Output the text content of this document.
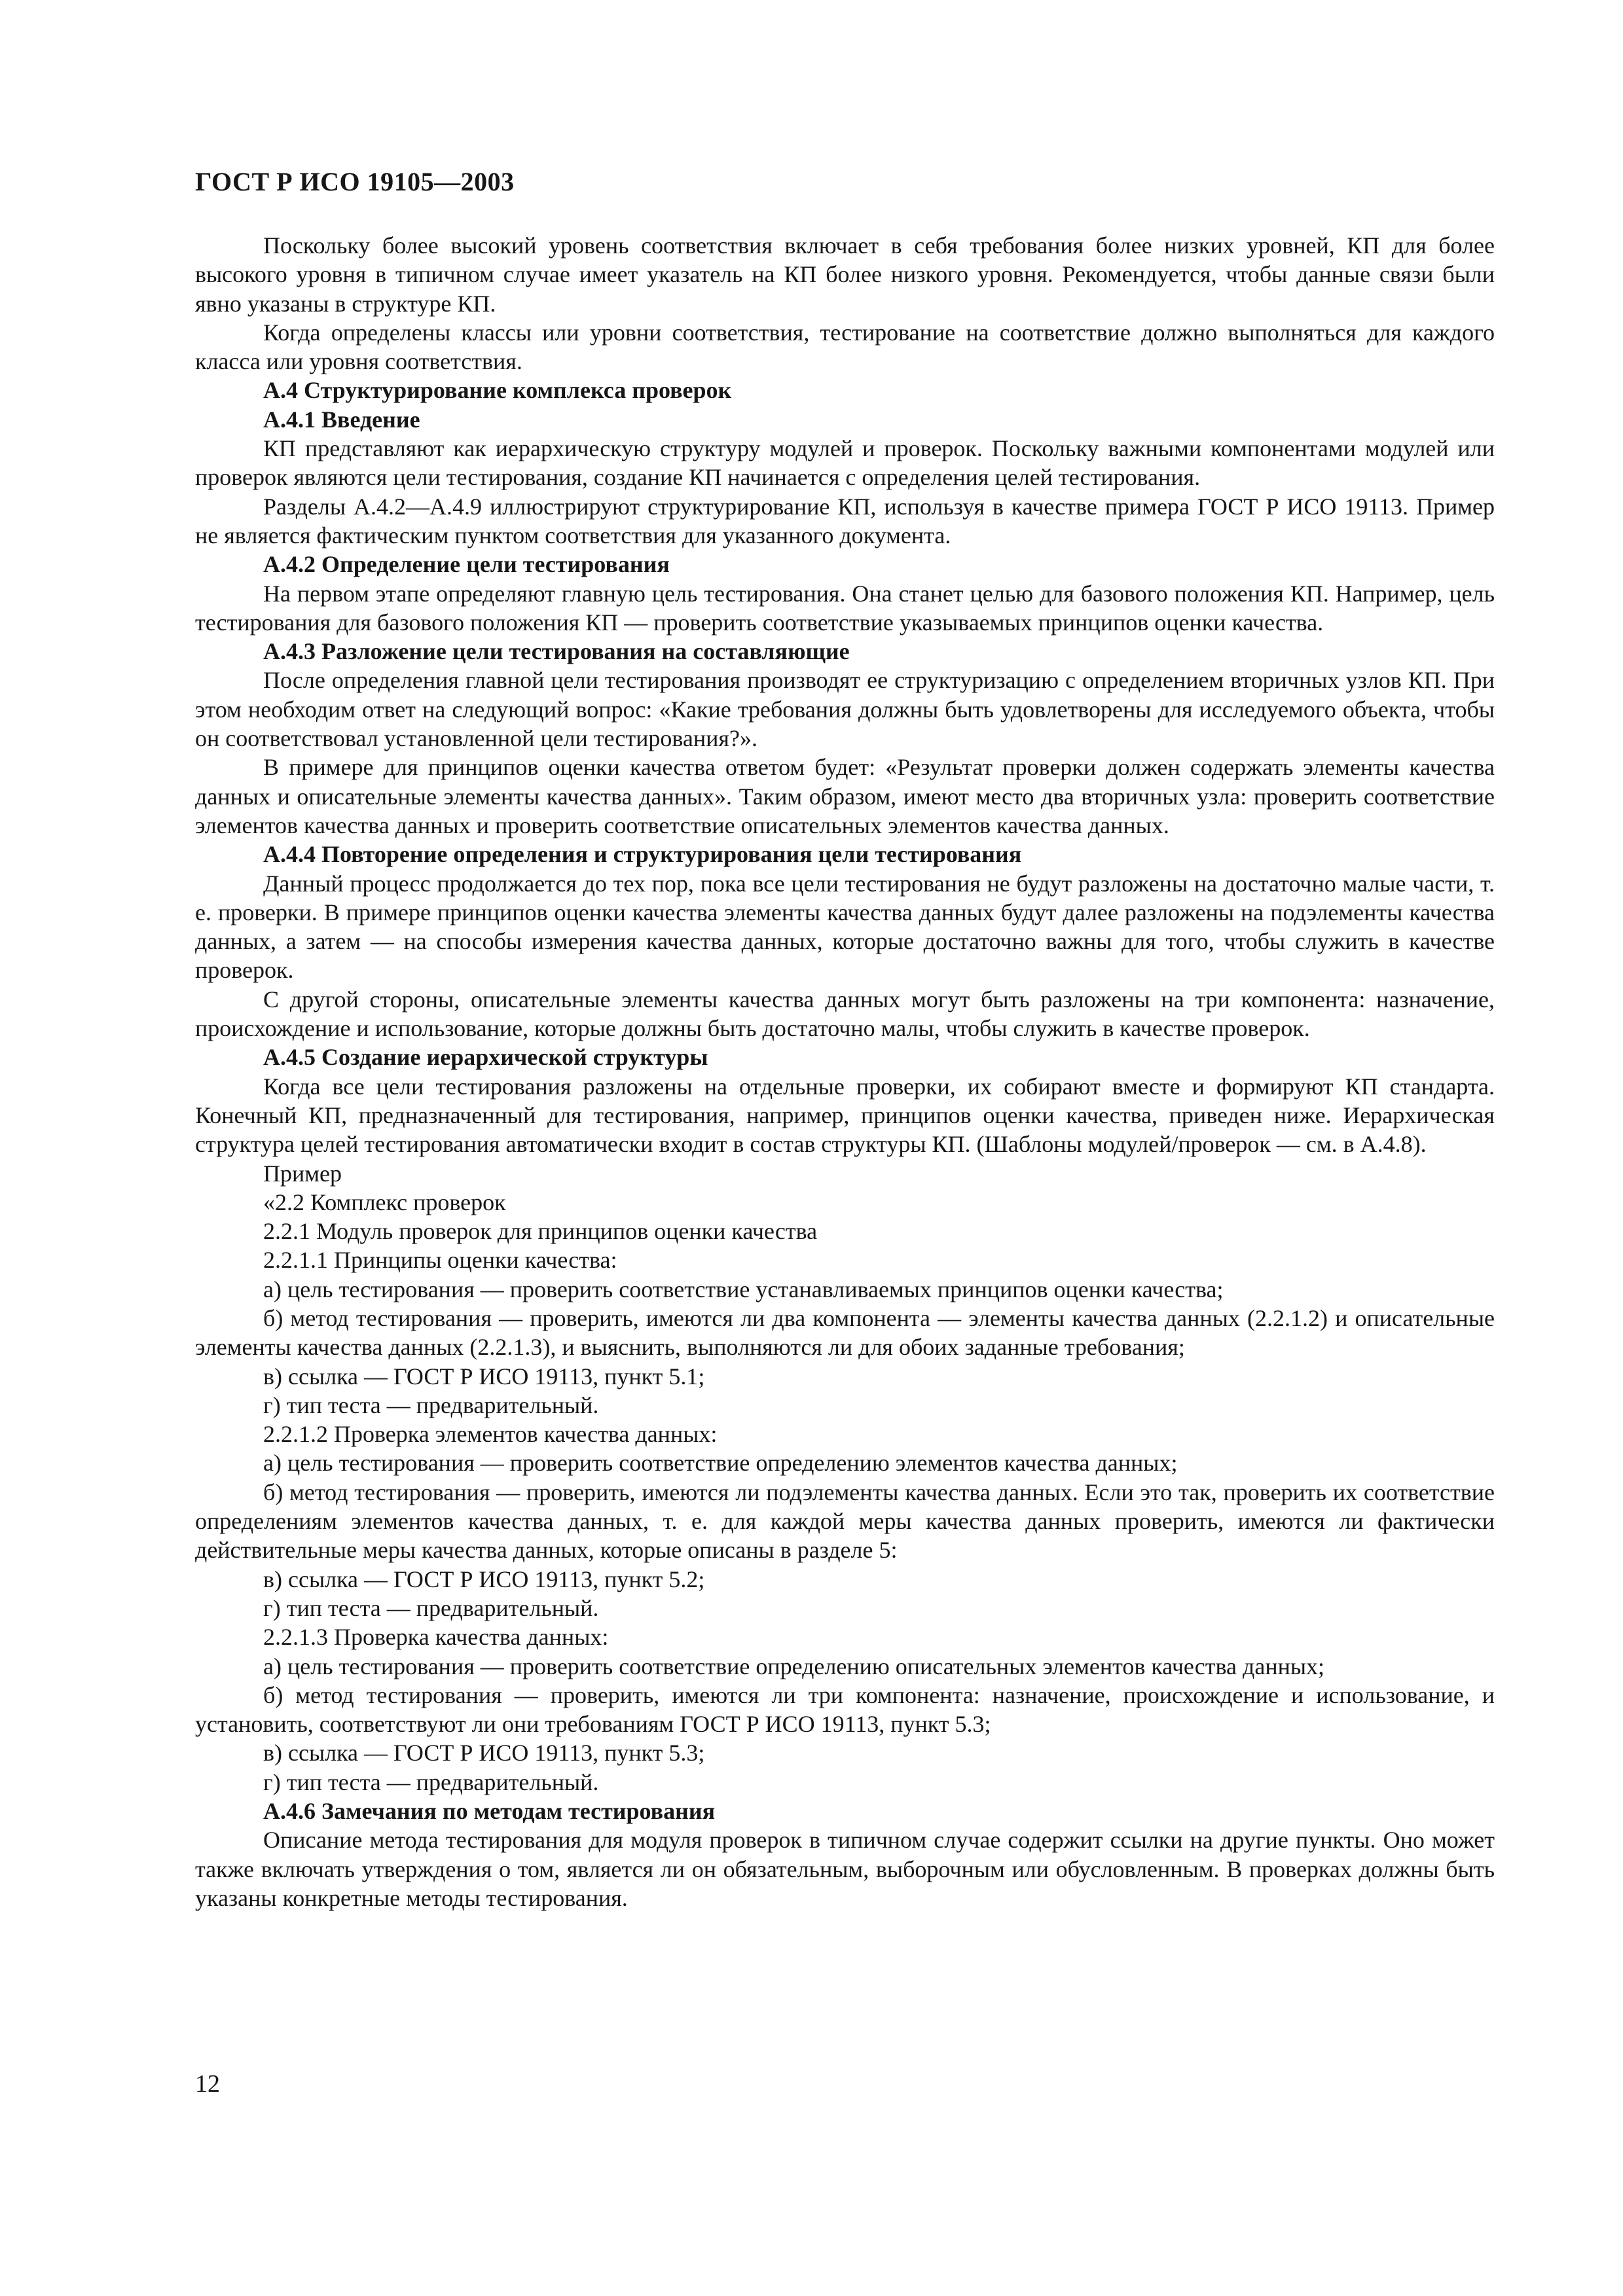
ГОСТ Р ИСО 19105—2003

Поскольку более высокий уровень соответствия включает в себя требования более низких уровней, КП для более высокого уровня в типичном случае имеет указатель на КП более низкого уровня. Рекомендуется, чтобы данные связи были явно указаны в структуре КП.

Когда определены классы или уровни соответствия, тестирование на соответствие должно выполняться для каждого класса или уровня соответствия.

А.4 Структурирование комплекса проверок

А.4.1 Введение

КП представляют как иерархическую структуру модулей и проверок. Поскольку важными компонентами модулей или проверок являются цели тестирования, создание КП начинается с определения целей тестирования.

Разделы А.4.2—А.4.9 иллюстрируют структурирование КП, используя в качестве примера ГОСТ Р ИСО 19113. Пример не является фактическим пунктом соответствия для указанного документа.

А.4.2 Определение цели тестирования

На первом этапе определяют главную цель тестирования. Она станет целью для базового положения КП. Например, цель тестирования для базового положения КП — проверить соответствие указываемых принципов оценки качества.

А.4.3 Разложение цели тестирования на составляющие

После определения главной цели тестирования производят ее структуризацию с определением вторичных узлов КП. При этом необходим ответ на следующий вопрос: «Какие требования должны быть удовлетворены для исследуемого объекта, чтобы он соответствовал установленной цели тестирования?».

В примере для принципов оценки качества ответом будет: «Результат проверки должен содержать элементы качества данных и описательные элементы качества данных». Таким образом, имеют место два вторичных узла: проверить соответствие элементов качества данных и проверить соответствие описательных элементов качества данных.

А.4.4 Повторение определения и структурирования цели тестирования

Данный процесс продолжается до тех пор, пока все цели тестирования не будут разложены на достаточно малые части, т. е. проверки. В примере принципов оценки качества элементы качества данных будут далее разложены на подэлементы качества данных, а затем — на способы измерения качества данных, которые достаточно важны для того, чтобы служить в качестве проверок.

С другой стороны, описательные элементы качества данных могут быть разложены на три компонента: назначение, происхождение и использование, которые должны быть достаточно малы, чтобы служить в качестве проверок.

А.4.5 Создание иерархической структуры

Когда все цели тестирования разложены на отдельные проверки, их собирают вместе и формируют КП стандарта. Конечный КП, предназначенный для тестирования, например, принципов оценки качества, приведен ниже. Иерархическая структура целей тестирования автоматически входит в состав структуры КП. (Шаблоны модулей/проверок — см. в А.4.8).

Пример

«2.2 Комплекс проверок

2.2.1 Модуль проверок для принципов оценки качества

2.2.1.1 Принципы оценки качества:

а) цель тестирования — проверить соответствие устанавливаемых принципов оценки качества;

б) метод тестирования — проверить, имеются ли два компонента — элементы качества данных (2.2.1.2) и описательные элементы качества данных (2.2.1.3), и выяснить, выполняются ли для обоих заданные требования;

в) ссылка — ГОСТ Р ИСО 19113, пункт 5.1;

г) тип теста — предварительный.

2.2.1.2 Проверка элементов качества данных:

а) цель тестирования — проверить соответствие определению элементов качества данных;

б) метод тестирования — проверить, имеются ли подэлементы качества данных. Если это так, проверить их соответствие определениям элементов качества данных, т. е. для каждой меры качества данных проверить, имеются ли фактически действительные меры качества данных, которые описаны в разделе 5:

в) ссылка — ГОСТ Р ИСО 19113, пункт 5.2;

г) тип теста — предварительный.

2.2.1.3 Проверка качества данных:

а) цель тестирования — проверить соответствие определению описательных элементов качества данных;

б) метод тестирования — проверить, имеются ли три компонента: назначение, происхождение и использование, и установить, соответствуют ли они требованиям ГОСТ Р ИСО 19113, пункт 5.3;

в) ссылка — ГОСТ Р ИСО 19113, пункт 5.3;

г) тип теста — предварительный.

А.4.6 Замечания по методам тестирования

Описание метода тестирования для модуля проверок в типичном случае содержит ссылки на другие пункты. Оно может также включать утверждения о том, является ли он обязательным, выборочным или обусловленным. В проверках должны быть указаны конкретные методы тестирования.

12
